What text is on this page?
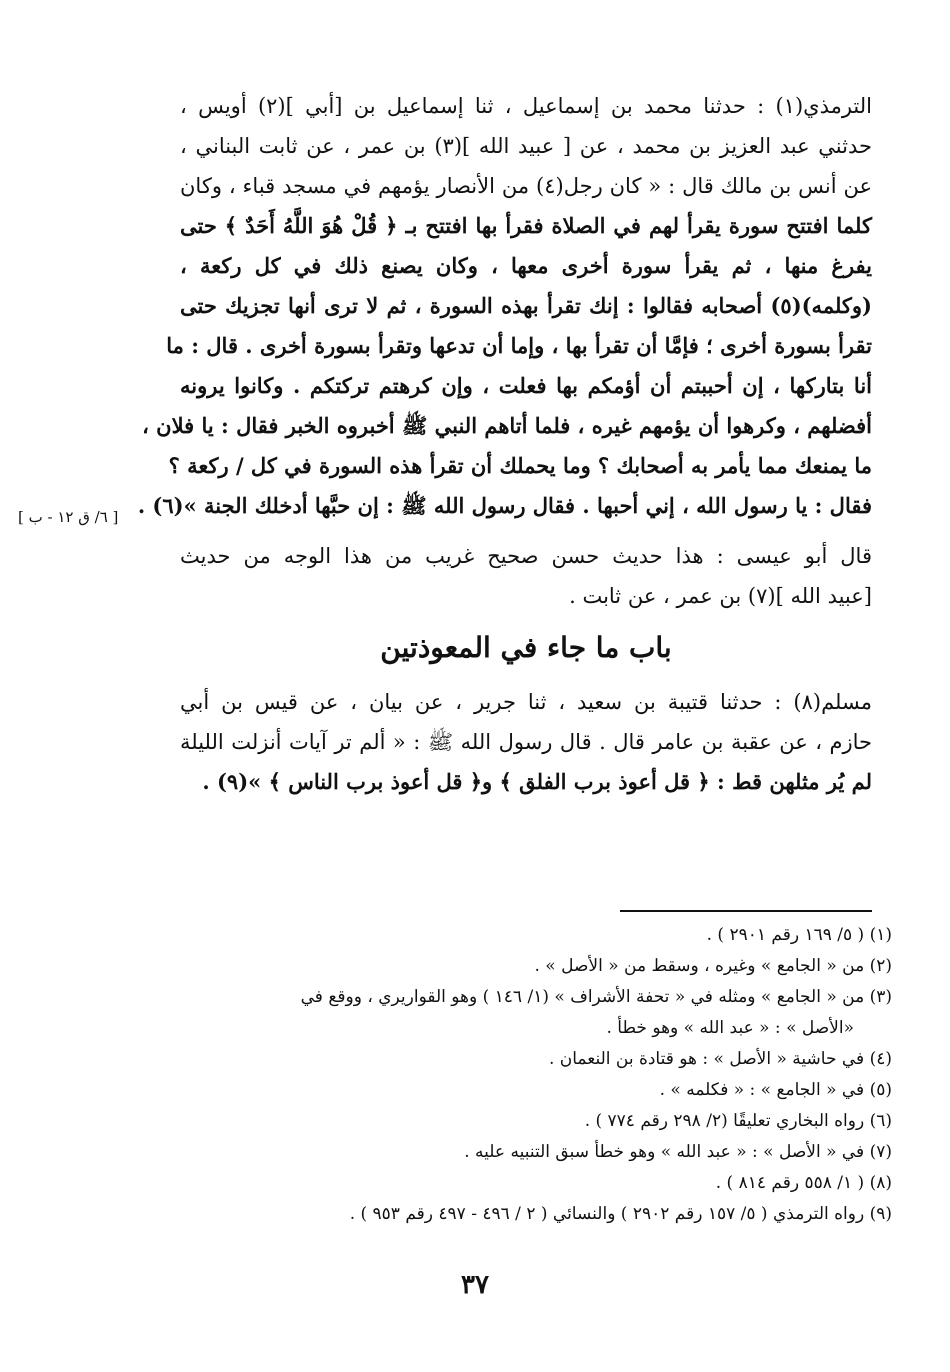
الترمذي(١) : حدثنا محمد بن إسماعيل ، ثنا إسماعيل بن [أبي ](٢) أويس ،
حدثني عبد العزيز بن محمد ، عن [ عبيد الله ](٣) بن عمر ، عن ثابت البناني ،
عن أنس بن مالك قال : « كان رجل(٤) من الأنصار يؤمهم في مسجد قباء ، وكان
كلما افتتح سورة يقرأ لهم في الصلاة فقرأ بها افتتح بـ ﴿ قُلْ هُوَ اللَّهُ أَحَدٌ ﴾ حتى
يفرغ منها ، ثم يقرأ سورة أخرى معها ، وكان يصنع ذلك في كل ركعة ،
(وكلمه)(٥) أصحابه فقالوا : إنك تقرأ بهذه السورة ، ثم لا ترى أنها تجزيك حتى
تقرأ بسورة أخرى ؛ فإمَّا أن تقرأ بها ، وإما أن تدعها وتقرأ بسورة أخرى . قال : ما
أنا بتاركها ، إن أحببتم أن أؤمكم بها فعلت ، وإن كرهتم تركتكم . وكانوا يرونه
أفضلهم ، وكرهوا أن يؤمهم غيره ، فلما أتاهم النبي ﷺ أخبروه الخبر فقال : يا فلان ،
ما يمنعك مما يأمر به أصحابك ؟ وما يحملك أن تقرأ هذه السورة في كل / ركعة ؟
فقال : يا رسول الله ، إني أحبها . فقال رسول الله ﷺ : إن حبَّها أدخلك الجنة »(٦) .
قال أبو عيسى : هذا حديث حسن صحيح غريب من هذا الوجه من حديث
[عبيد الله ](٧) بن عمر ، عن ثابت .
باب ما جاء في المعوذتين
مسلم(٨) : حدثنا قتيبة بن سعيد ، ثنا جرير ، عن بيان ، عن قيس بن أبي
حازم ، عن عقبة بن عامر قال . قال رسول الله ﷺ : « ألم تر آيات أنزلت الليلة
لم يُر مثلهن قط : ﴿ قل أعوذ برب الفلق ﴾ و﴿ قل أعوذ برب الناس ﴾ »(٩) .
[ ٦/ ق ١٢ - ب ]
(١) ( ٥/ ١٦٩ رقم ٢٩٠١ ) .
(٢) من « الجامع » وغيره ، وسقط من « الأصل » .
(٣) من « الجامع » ومثله في « تحفة الأشراف » (١/ ١٤٦ ) وهو القواريري ، ووقع في
«الأصل » : « عبد الله » وهو خطأ .
(٤) في حاشية « الأصل » : هو قتادة بن النعمان .
(٥) في « الجامع » : « فكلمه » .
(٦) رواه البخاري تعليقًا (٢/ ٢٩٨ رقم ٧٧٤ ) .
(٧) في « الأصل » : « عبد الله » وهو خطأ سبق التنبيه عليه .
(٨) ( ١/ ٥٥٨ رقم ٨١٤ ) .
(٩) رواه الترمذي ( ٥/ ١٥٧ رقم ٢٩٠٢ ) والنسائي ( ٢ / ٤٩٦ - ٤٩٧ رقم ٩٥٣ ) .
٣٧
